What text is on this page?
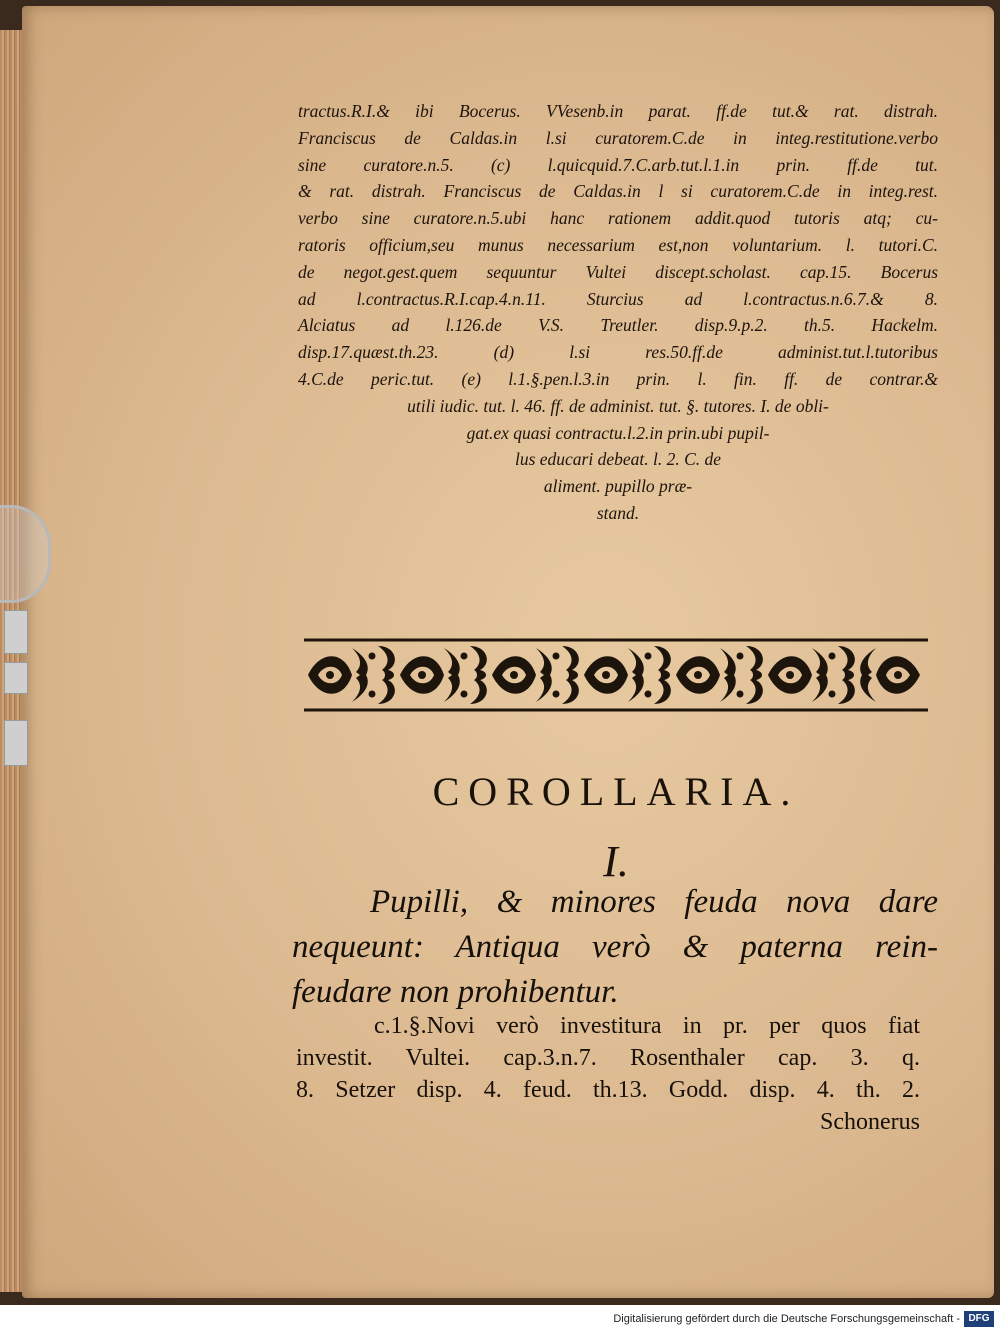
tractus.R.I.& ibi Bocerus. VVesenb.in parat. ff.de tut.& rat. distrah.
Franciscus de Caldas.in l.si curatorem.C.de in integ.restitutione.verbo
sine curatore.n.5. (c) l.quicquid.7.C.arb.tut.l.1.in prin. ff.de tut.
& rat. distrah. Franciscus de Caldas.in l si curatorem.C.de in integ.rest.
verbo sine curatore.n.5.ubi hanc rationem addit.quod tutoris atq; cu-
ratoris officium,seu munus necessarium est,non voluntarium. l. tutori.C.
de negot.gest.quem sequuntur Vultei discept.scholast. cap.15. Bocerus
ad l.contractus.R.I.cap.4.n.11. Sturcius ad l.contractus.n.6.7.& 8.
Alciatus ad l.126.de V.S. Treutler. disp.9.p.2. th.5. Hackelm.
disp.17.quæst.th.23. (d) l.si res.50.ff.de administ.tut.l.tutoribus
4.C.de peric.tut. (e) l.1.§.pen.l.3.in prin. l. fin. ff. de contrar.&
utili iudic. tut. l. 46. ff. de administ. tut. §. tutores. I. de obli-
gat.ex quasi contractu.l.2.in prin.ubi pupil-
lus educari debeat. l. 2. C. de
aliment. pupillo præ-
stand.
COROLLARIA.
I.
Pupilli, & minores feuda nova dare
nequeunt: Antiqua verò & paterna rein-
feudare non prohibentur.
c.1.§.Novi verò investitura in pr. per quos fiat
investit. Vultei. cap.3.n.7. Rosenthaler cap. 3. q.
8. Setzer disp. 4. feud. th.13. Godd. disp. 4. th. 2.
Schonerus
Digitalisierung gefördert durch die Deutsche Forschungsgemeinschaft - DFG
